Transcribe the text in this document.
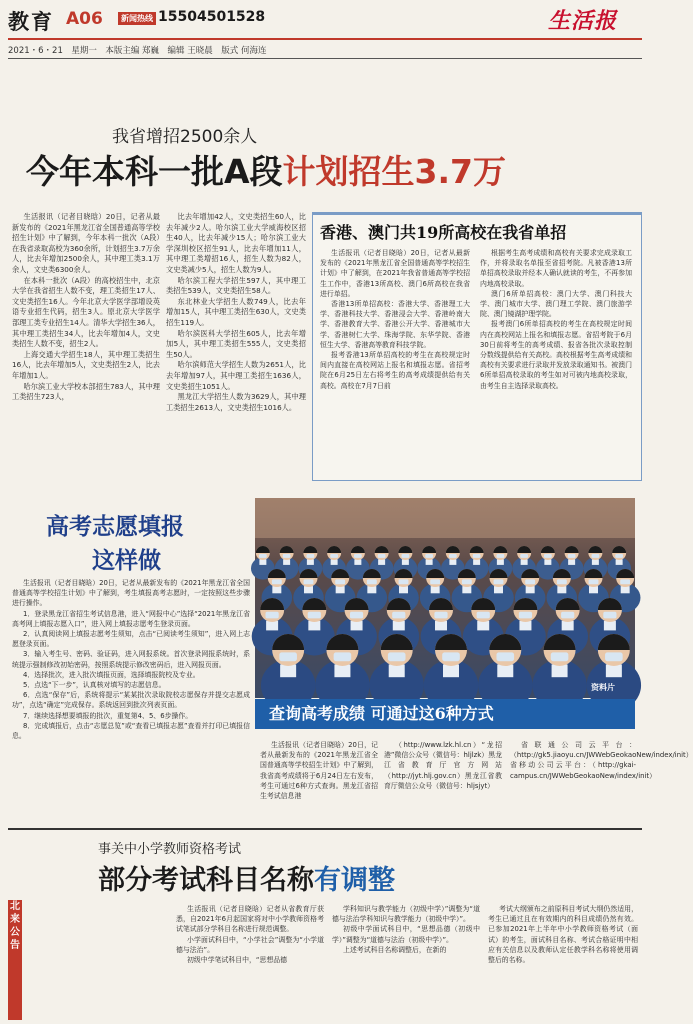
教育 A06	新闻热线 15504501528	生活报
2021・6・21　星期一　本版主编 郑巍　编辑 王晓晨　版式 何海连
我省增招2500余人
今年本科一批A段计划招生3.7万

生活报讯（记者目晓晗）20日，记者从最新发布的《2021年黑龙江省全国普通高等学校招生计划》中了解到，今年本科一批次（A段）在我省录取高校为360余所，计划招生3.7万余人，比去年增加2500余人，其中理工类3.1万余人，文史类6300余人。

在本科一批次（A段）的高校招生中，北京大学在我省招生人数不变，理工类招生17人、文史类招生16人。今年北京大学医学部增设英语专业招生代码，招生3人。原北京大学医学部理工类专业招生14人。清华大学招生36人，其中理工类招生34人，比去年增加4人，文史类招生人数不变，招生2人。

上海交通大学招生18人，其中理工类招生16人，比去年增加5人，文史类招生2人，比去年增加1人。

哈尔滨工业大学校本部招生783人，其中理工类招生723人，

比去年增加42人，文史类招生60人，比去年减少2人。哈尔滨工业大学威海校区招生40人，比去年减少15人；哈尔滨工业大学深圳校区招生91人，比去年增加11人，其中理工类增招16人，招生人数为82人，文史类减少5人，招生人数为9人。

哈尔滨工程大学招生597人，其中理工类招生539人，文史类招生58人。

东北林业大学招生人数749人，比去年增加15人，其中理工类招生630人，文史类招生119人。

哈尔滨医科大学招生605人，比去年增加5人，其中理工类招生555人，文史类招生50人。

哈尔滨师范大学招生人数为2651人，比去年增加97人，其中理工类招生1636人，文史类招生1051人。

黑龙江大学招生人数为3629人，其中理工类招生2613人，文史类招生1016人。

香港、澳门共19所高校在我省单招

生活报讯（记者目晓晗）20日，记者从最新发布的《2021年黑龙江省全国普通高等学校招生计划》中了解到，在2021年我省普通高等学校招生工作中，香港13所高校、澳门6所高校在我省进行单招。

香港13所单招高校：香港大学、香港理工大学、香港科技大学、香港浸会大学、香港岭南大学、香港教育大学、香港公开大学、香港城市大学、香港树仁大学、珠海学院、东华学院、香港恒生大学、香港高等教育科技学院。

报考香港13所单招高校的考生在高校规定时间内直接在高校网站上报名和填报志愿。省招考院在6月25日左右将考生的高考成绩提供给有关高校。高校在7月7日前

根据考生高考成绩和高校有关要求完成录取工作，并将录取名单报至省招考院。凡被香港13所单招高校录取并经本人确认就读的考生，不再参加内地高校录取。

澳门6所单招高校：澳门大学、澳门科技大学、澳门城市大学、澳门理工学院、澳门旅游学院、澳门镜湖护理学院。

报考澳门6所单招高校的考生在高校规定时间内在高校网站上报名和填报志愿。省招考院于6月30日前将考生的高考成绩、报省各批次录取控制分数线提供给有关高校。高校根据考生高考成绩和高校有关要求进行录取并发放录取通知书。被澳门6所单招高校录取的考生如对可被内地高校录取，由考生自主选择录取高校。

高考志愿填报
这样做

生活报讯（记者目晓晗）20日，记者从最新发布的《2021年黑龙江省全国普通高等学校招生计划》中了解到，考生填报高考志愿时，一定按照这些步骤进行操作。

1．登录黑龙江省招生考试信息港，进入“网报中心”选择“2021年黑龙江省高考网上填报志愿入口”，进入网上填报志愿考生登录页面。

2．认真阅读网上填报志愿考生须知，点击“已阅读考生须知”，进入网上志愿登录页面。

3．输入考生号、密码、验证码，进入网报系统。首次登录网报系统时，系统提示强制修改初始密码，按照系统提示修改密码后，进入网报页面。

4．选择批次，进入批次填报页面，选择填报院校及专业。

5．点选“下一步”，认真核对填写的志愿信息。

6．点选“保存”后，系统将提示“某某批次录取院校志愿保存并提交志愿成功”，点选“确定”完成保存。系统返回到批次列表页面。

7．继续选择想要填报的批次，重复第4、5、6步操作。

8．完成填报后，点击“志愿总览”或“查看已填报志愿”查看并打印已填报信息。

资料片
查询高考成绩 可通过这6种方式

生活报讯（记者目晓晗）20日，记者从最新发布的《2021年黑龙江省全国普通高等学校招生计划》中了解到，我省高考成绩将于6月24日左右发布，考生可通过6种方式查询。黑龙江省招生考试信息港

（http://www.lzk.hl.cn）“龙招港”微信公众号（微信号：hljlzk）黑龙江省教育厅官方网站（http://jyt.hlj.gov.cn）黑龙江省教育厅微信公众号（微信号：hljsjyt）

省联通公司云平台：（http://gk5.jiaoyu.cn/JWWebGeokaoNew/index/init）省移动公司云平台：（http://gkai-campus.cn/JWWebGeokaoNew/index/init）

事关中小学教师资格考试
部分考试科目名称有调整
北来公告

生活报讯（记者目晓晗）记者从省教育厅获悉，自2021年6月起国家将对中小学教师资格考试笔试部分学科目名称进行规范调整。

小学面试科目中，“小学社会”调整为“小学道德与法治”。

初级中学笔试科目中，“思想品德

学科知识与教学能力（初级中学）”调整为“道德与法治学科知识与教学能力（初级中学）”。

初级中学面试科目中，“思想品德（初级中学）”调整为“道德与法治（初级中学）”。

上述考试科目名称调整后，在新的

考试大纲颁布之前原科目考试大纲仍然适用，考生已通过且在有效期内的科目成绩仍然有效。已参加2021年上半年中小学教师资格考试（面试）的考生，面试科目名称、考试合格证明中相应有关信息以及教师认定任教学科名称将使用调整后的名称。
